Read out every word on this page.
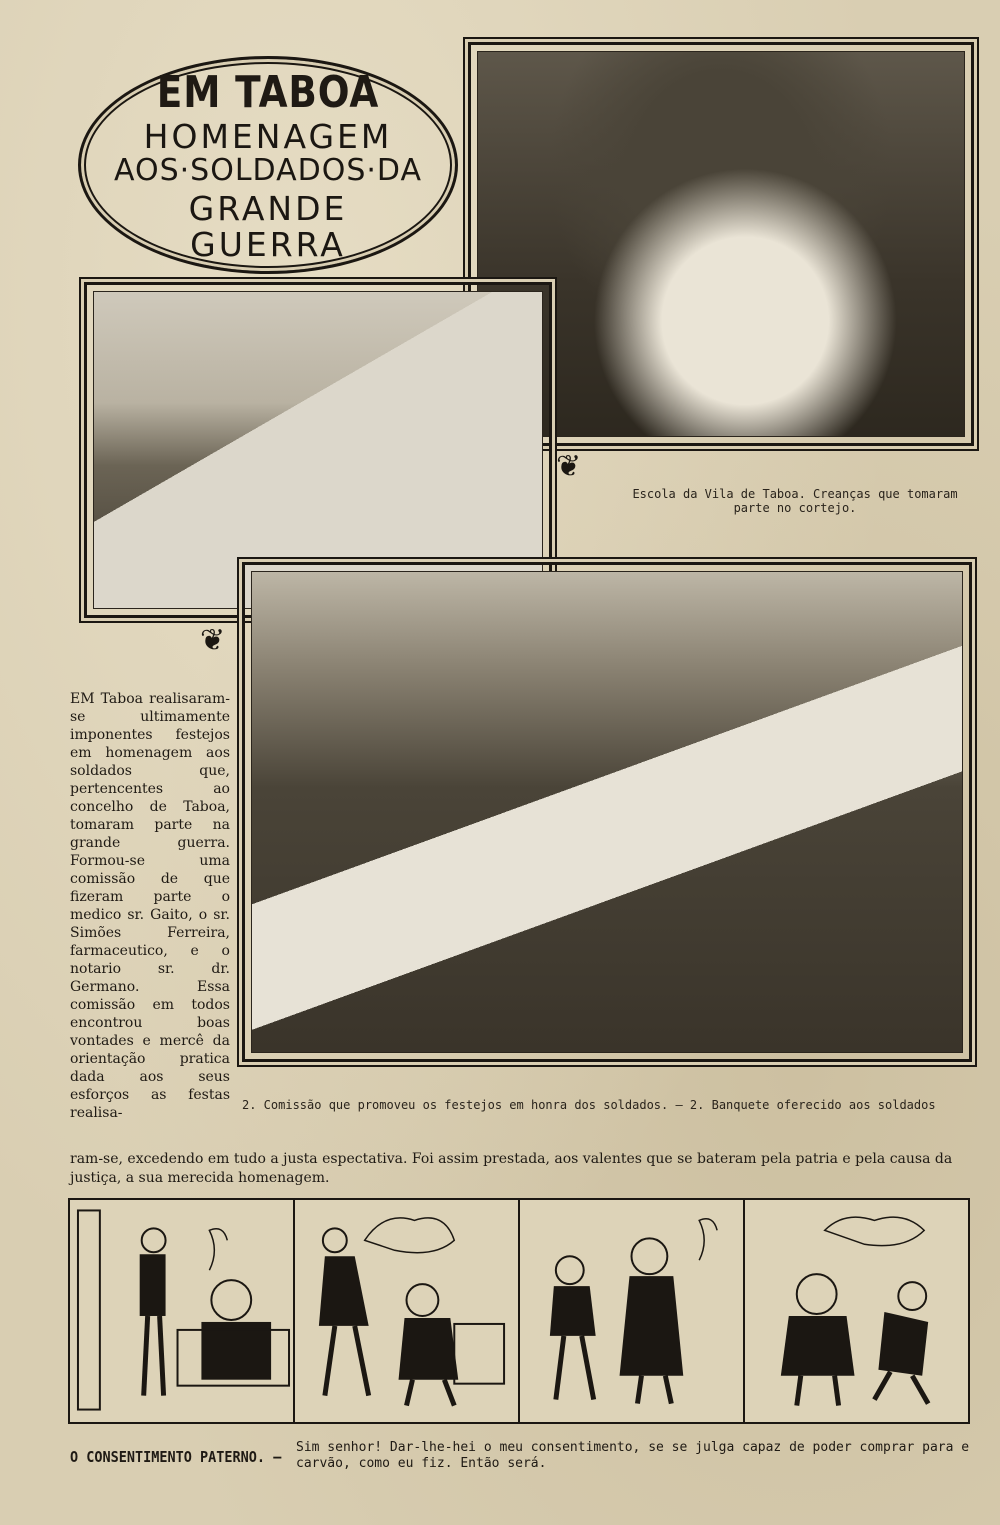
EM TABOA
HOMENAGEM
AOS·SOLDADOS·DA
GRANDE
GUERRA
❦
❦
Escola da Vila de Taboa. Creanças que tomaram parte no cortejo.
2. Comissão que promoveu os festejos em honra dos soldados. — 2. Banquete oferecido aos soldados
EM Taboa realisaram-se ultimamente imponentes festejos em homenagem aos soldados que, pertencentes ao concelho de Taboa, tomaram parte na grande guerra. Formou-se uma comissão de que fizeram parte o medico sr. Gaito, o sr. Simões Ferreira, farmaceutico, e o notario sr. dr. Germano. Essa comissão em todos encontrou boas vontades e mercê da orientação pratica dada aos seus esforços as festas realisa-
ram-se, excedendo em tudo a justa espectativa. Foi assim prestada, aos valentes que se bateram pela patria e pela causa da justiça, a sua merecida homenagem.
O CONSENTIMENTO PATERNO. —
Sim senhor! Dar-lhe-hei o meu consentimento, se se julga capaz de poder comprar para e carvão, como eu fiz. Então será.
